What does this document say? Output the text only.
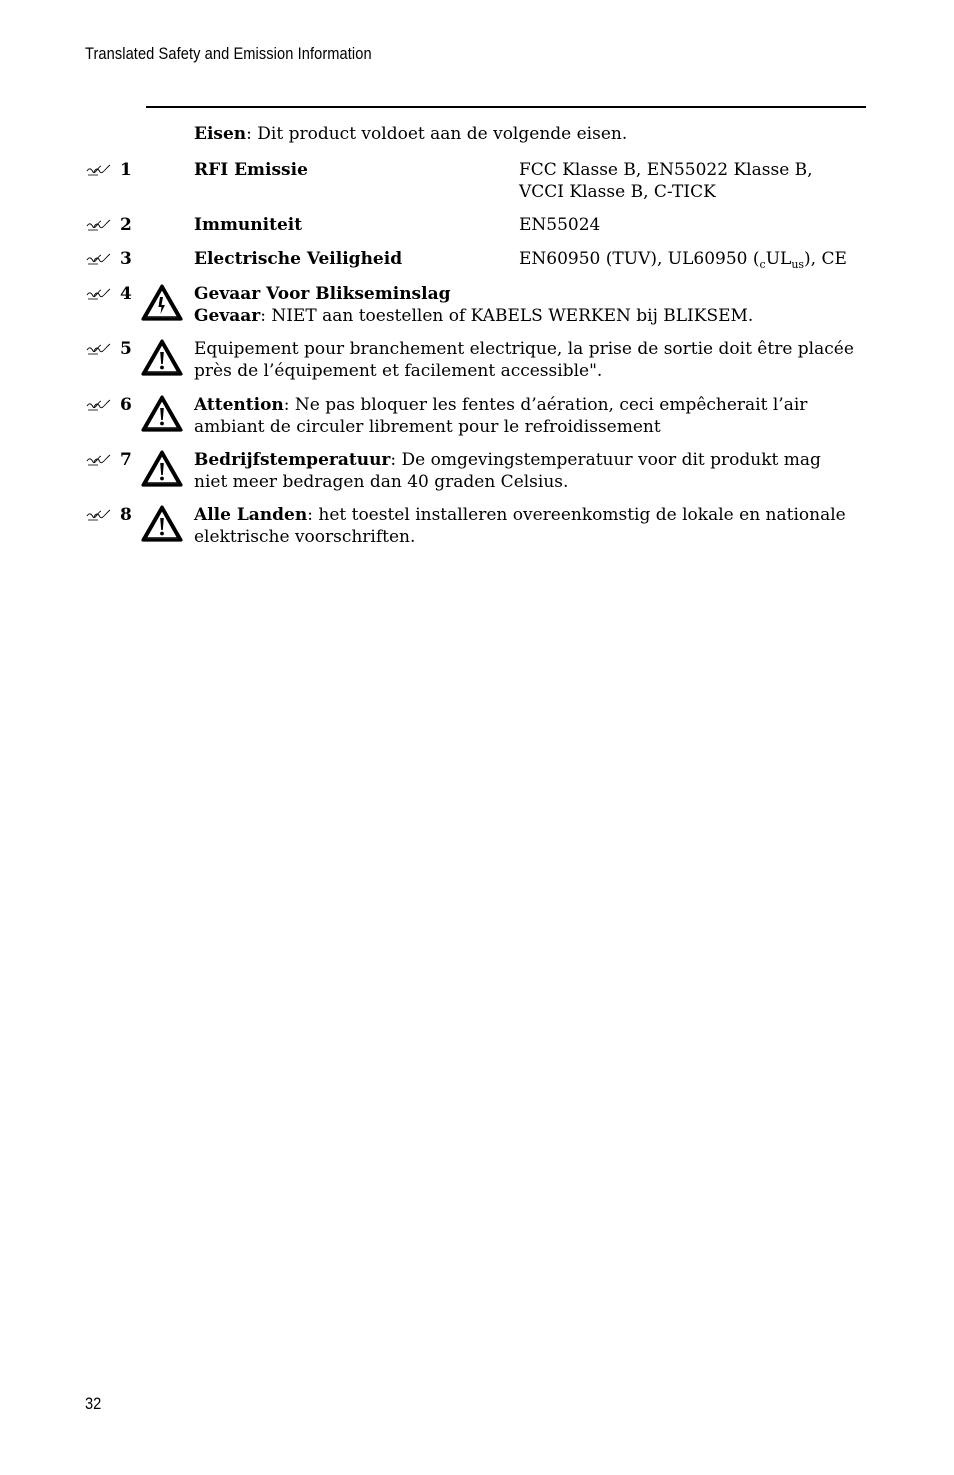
Translated Safety and Emission Information
Eisen: Dit product voldoet aan de volgende eisen.
1	RFI Emissie	FCC Klasse B, EN55022 Klasse B,
VCCI Klasse B, C-TICK
2	Immuniteit	EN55024
3	Electrische Veiligheid	EN60950 (TUV), UL60950 $(_cUL_{us})$, CE
4	Gevaar Voor Blikseminslag
Gevaar: NIET aan toestellen of KABELS WERKEN bij BLIKSEM.
5	Equipement pour branchement electrique, la prise de sortie doit être placée
près de l’équipement et facilement accessible".
6	Attention: Ne pas bloquer les fentes d’aération, ceci empêcherait l’air
ambiant de circuler librement pour le refroidissement
7	Bedrijfstemperatuur: De omgevingstemperatuur voor dit produkt mag
niet meer bedragen dan 40 graden Celsius.
8	Alle Landen: het toestel installeren overeenkomstig de lokale en nationale
elektrische voorschriften.
32
